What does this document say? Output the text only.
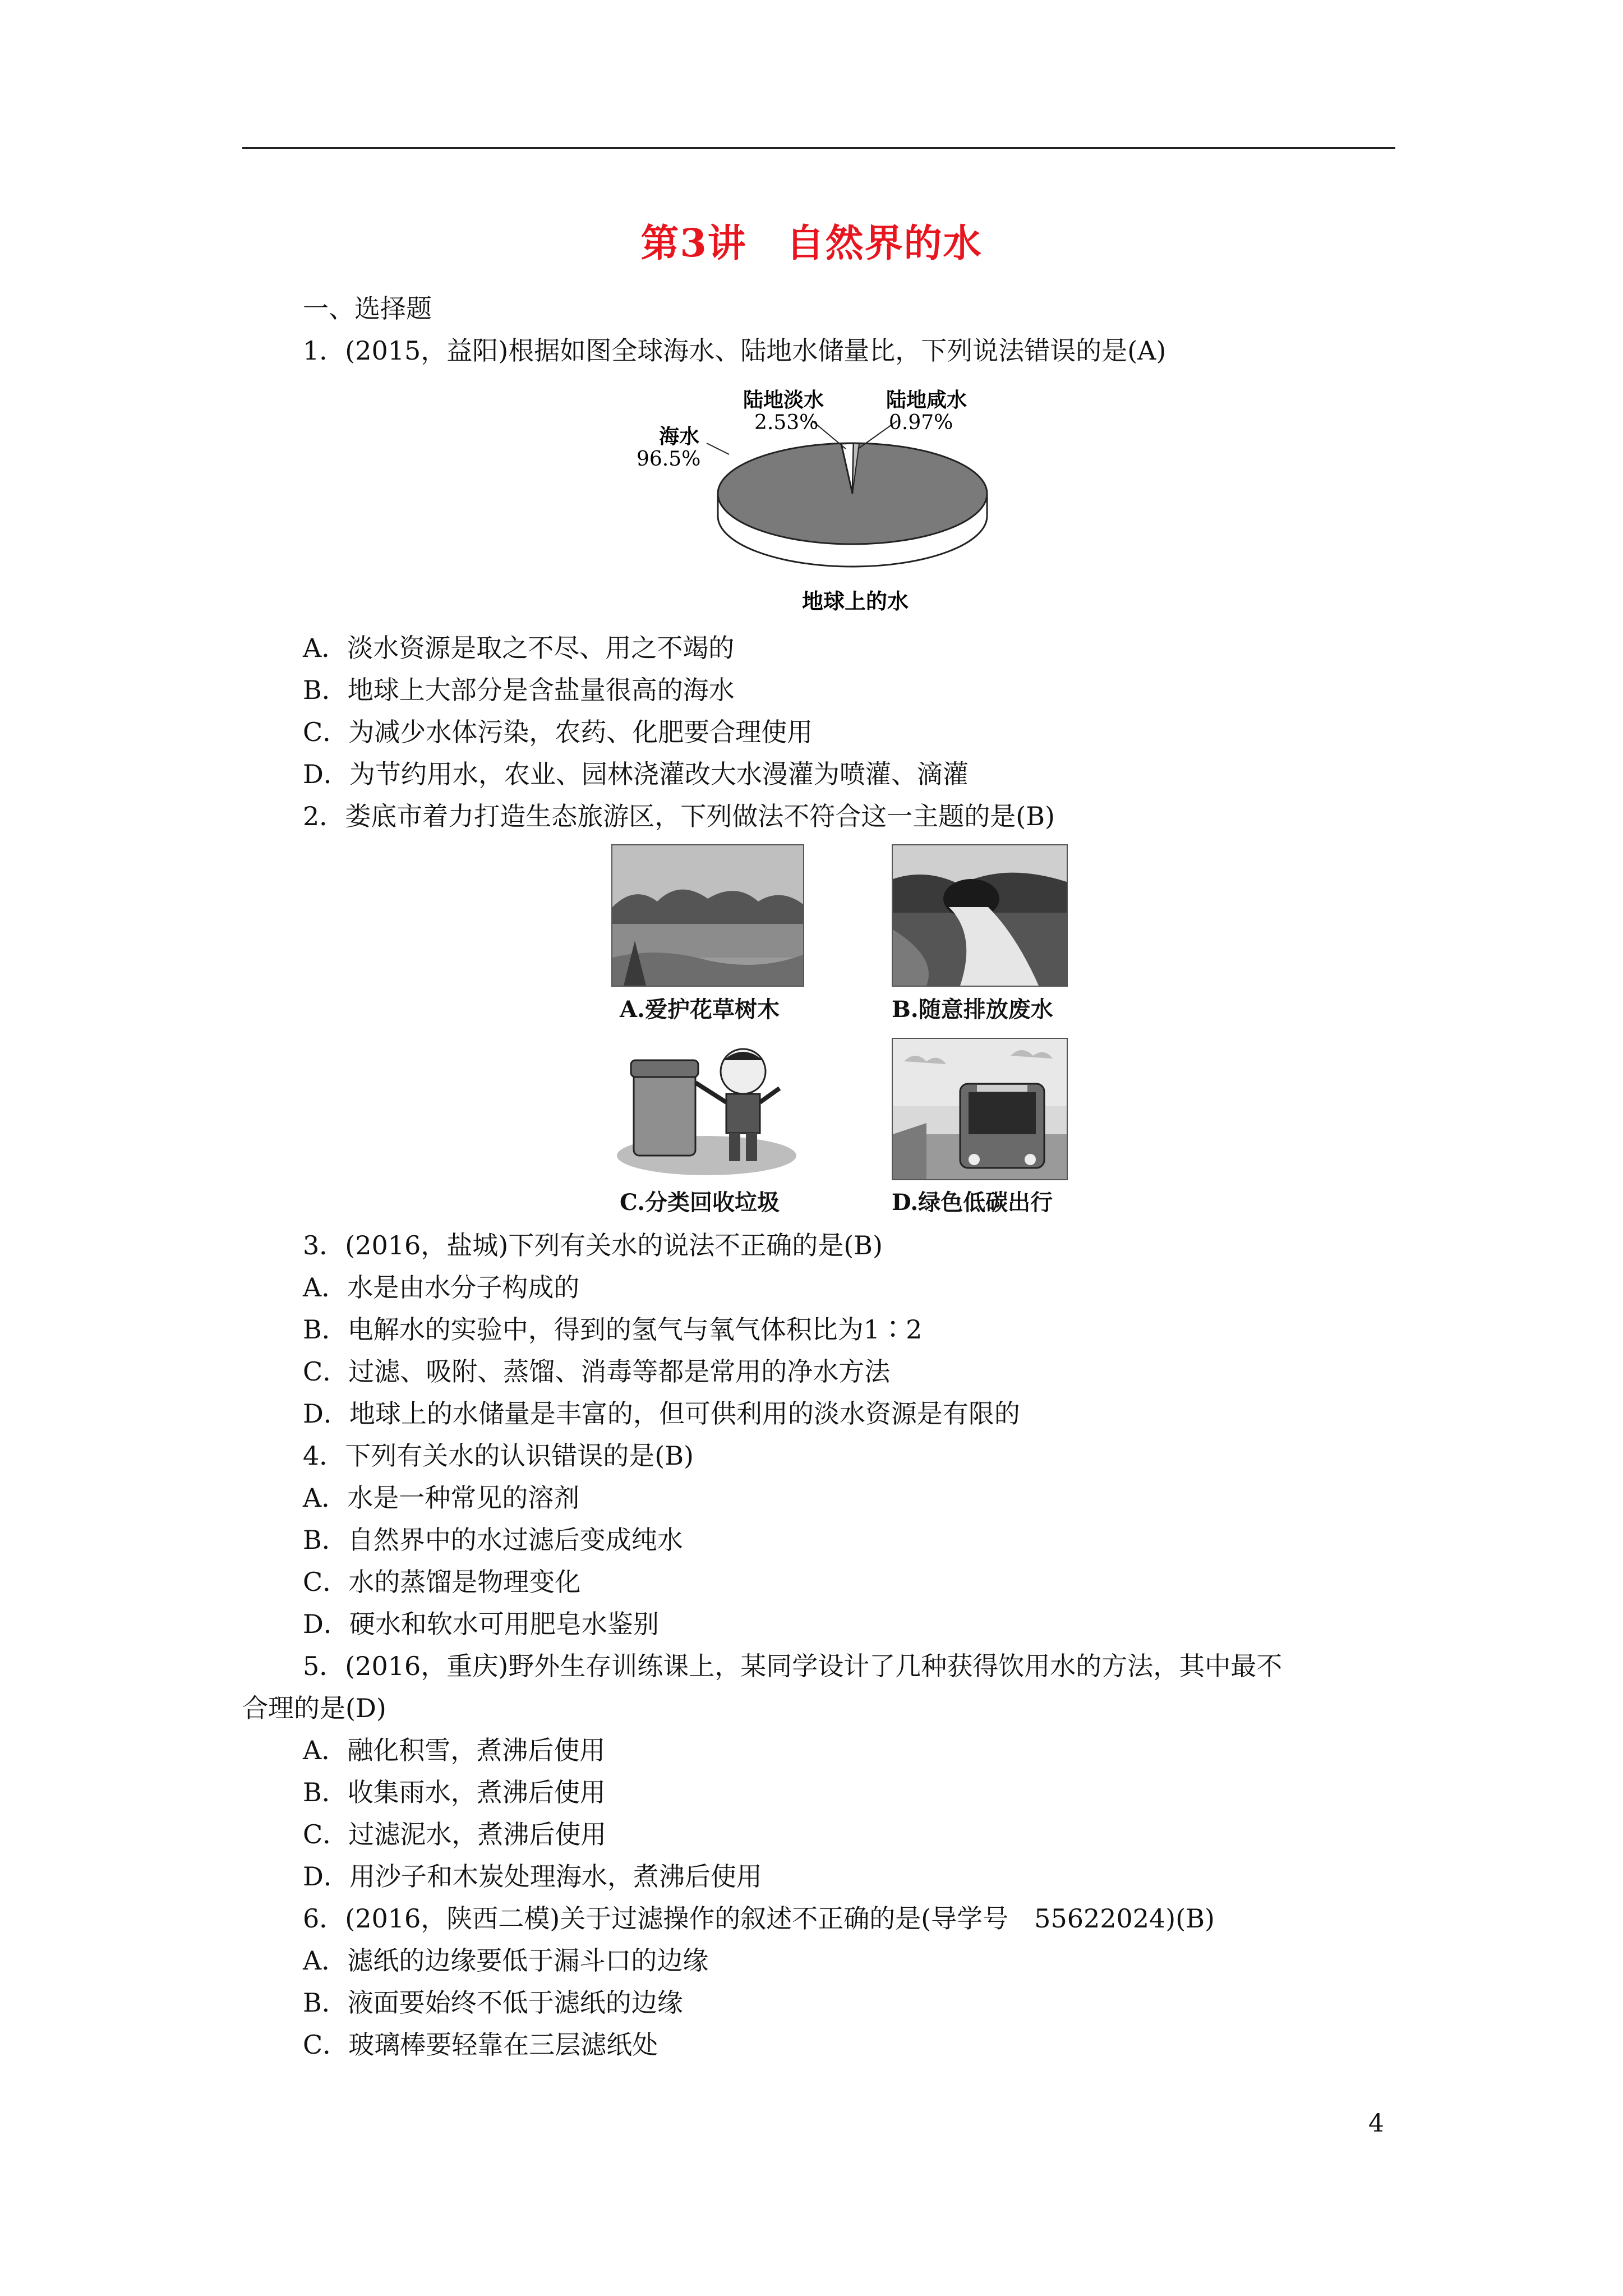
第3讲　自然界的水
一、选择题
1．(2015，益阳)根据如图全球海水、陆地水储量比，下列说法错误的是(A)
陆地淡水
2.53%
陆地咸水
0.97%
海水
96.5%
地球上的水
A．淡水资源是取之不尽、用之不竭的
B．地球上大部分是含盐量很高的海水
C．为减少水体污染，农药、化肥要合理使用
D．为节约用水，农业、园林浇灌改大水漫灌为喷灌、滴灌
2．娄底市着力打造生态旅游区，下列做法不符合这一主题的是(B)
A.爱护花草树木	B.随意排放废水
C.分类回收垃圾	D.绿色低碳出行
3．(2016，盐城)下列有关水的说法不正确的是(B)
A．水是由水分子构成的
B．电解水的实验中，得到的氢气与氧气体积比为1∶2
C．过滤、吸附、蒸馏、消毒等都是常用的净水方法
D．地球上的水储量是丰富的，但可供利用的淡水资源是有限的
4．下列有关水的认识错误的是(B)
A．水是一种常见的溶剂
B．自然界中的水过滤后变成纯水
C．水的蒸馏是物理变化
D．硬水和软水可用肥皂水鉴别
5．(2016，重庆)野外生存训练课上，某同学设计了几种获得饮用水的方法，其中最不
合理的是(D)
A．融化积雪，煮沸后使用
B．收集雨水，煮沸后使用
C．过滤泥水，煮沸后使用
D．用沙子和木炭处理海水，煮沸后使用
6．(2016，陕西二模)关于过滤操作的叙述不正确的是(导学号　55622024)(B)
A．滤纸的边缘要低于漏斗口的边缘
B．液面要始终不低于滤纸的边缘
C．玻璃棒要轻靠在三层滤纸处
4
